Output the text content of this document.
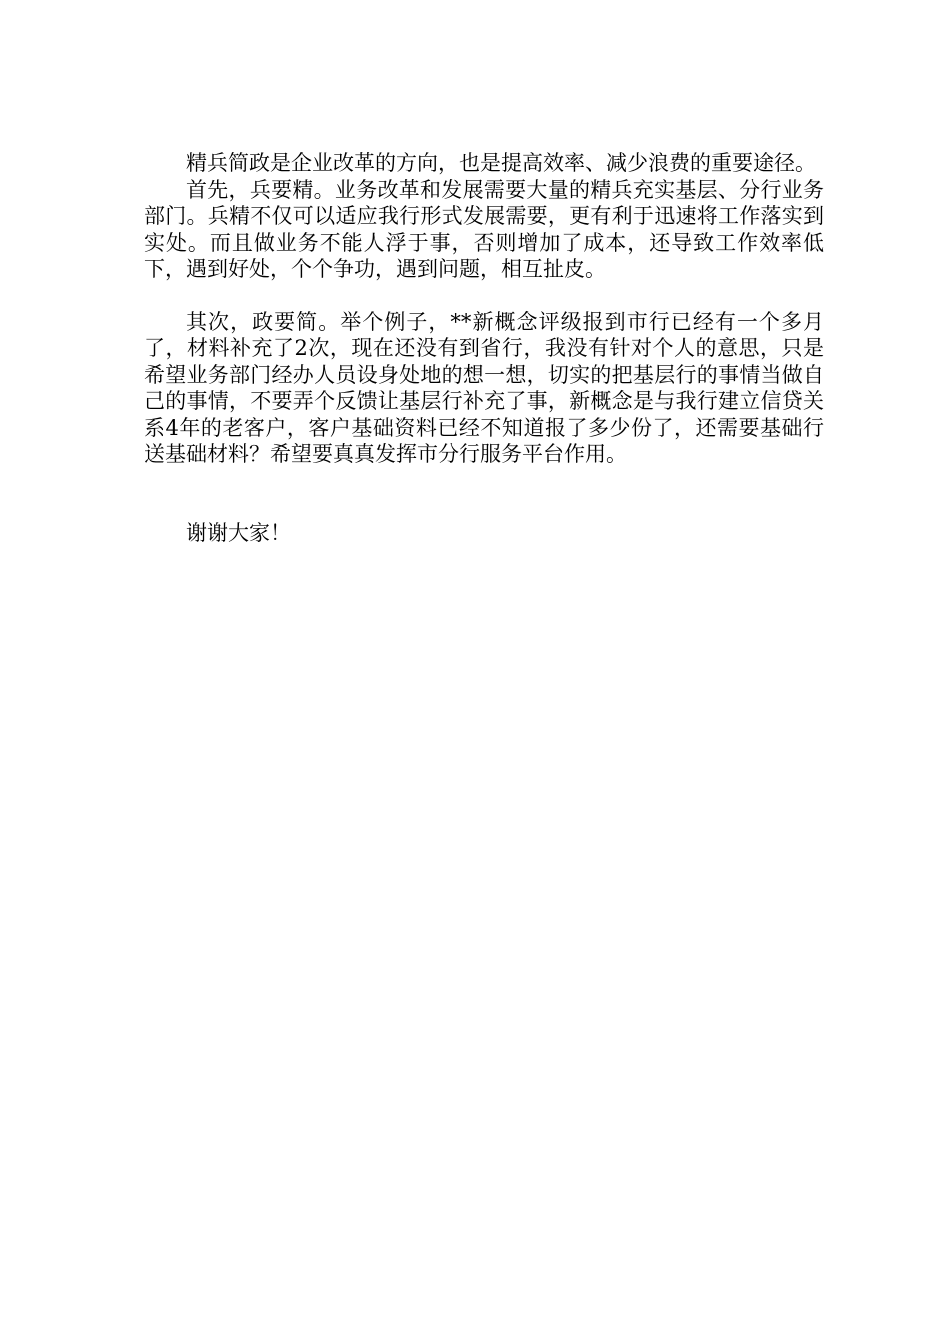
精兵简政是企业改革的方向，也是提高效率、减少浪费的重要途径。

首先，兵要精。业务改革和发展需要大量的精兵充实基层、分行业务部门。兵精不仅可以适应我行形式发展需要，更有利于迅速将工作落实到实处。而且做业务不能人浮于事，否则增加了成本，还导致工作效率低下，遇到好处，个个争功，遇到问题，相互扯皮。

其次，政要简。举个例子，**新概念评级报到市行已经有一个多月了，材料补充了2次，现在还没有到省行，我没有针对个人的意思，只是希望业务部门经办人员设身处地的想一想，切实的把基层行的事情当做自己的事情，不要弄个反馈让基层行补充了事，新概念是与我行建立信贷关系4年的老客户，客户基础资料已经不知道报了多少份了，还需要基础行送基础材料？希望要真真发挥市分行服务平台作用。

谢谢大家！
